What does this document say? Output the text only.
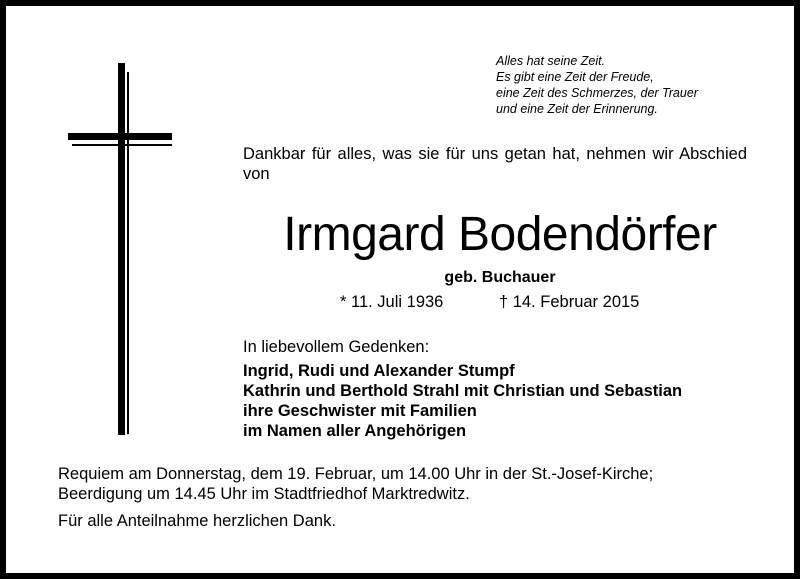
Alles hat seine Zeit.
Es gibt eine Zeit der Freude,
eine Zeit des Schmerzes, der Trauer
und eine Zeit der Erinnerung.
Dankbar für alles, was sie für uns getan hat, nehmen wir Abschied von
Irmgard Bodendörfer
geb. Buchauer
* 11. Juli 1936	† 14. Februar 2015
In liebevollem Gedenken:
Ingrid, Rudi und Alexander Stumpf
Kathrin und Berthold Strahl mit Christian und Sebastian
ihre Geschwister mit Familien
im Namen aller Angehörigen
Requiem am Donnerstag, dem 19. Februar, um 14.00 Uhr in der St.-Josef-Kirche;
Beerdigung um 14.45 Uhr im Stadtfriedhof Marktredwitz.
Für alle Anteilnahme herzlichen Dank.
